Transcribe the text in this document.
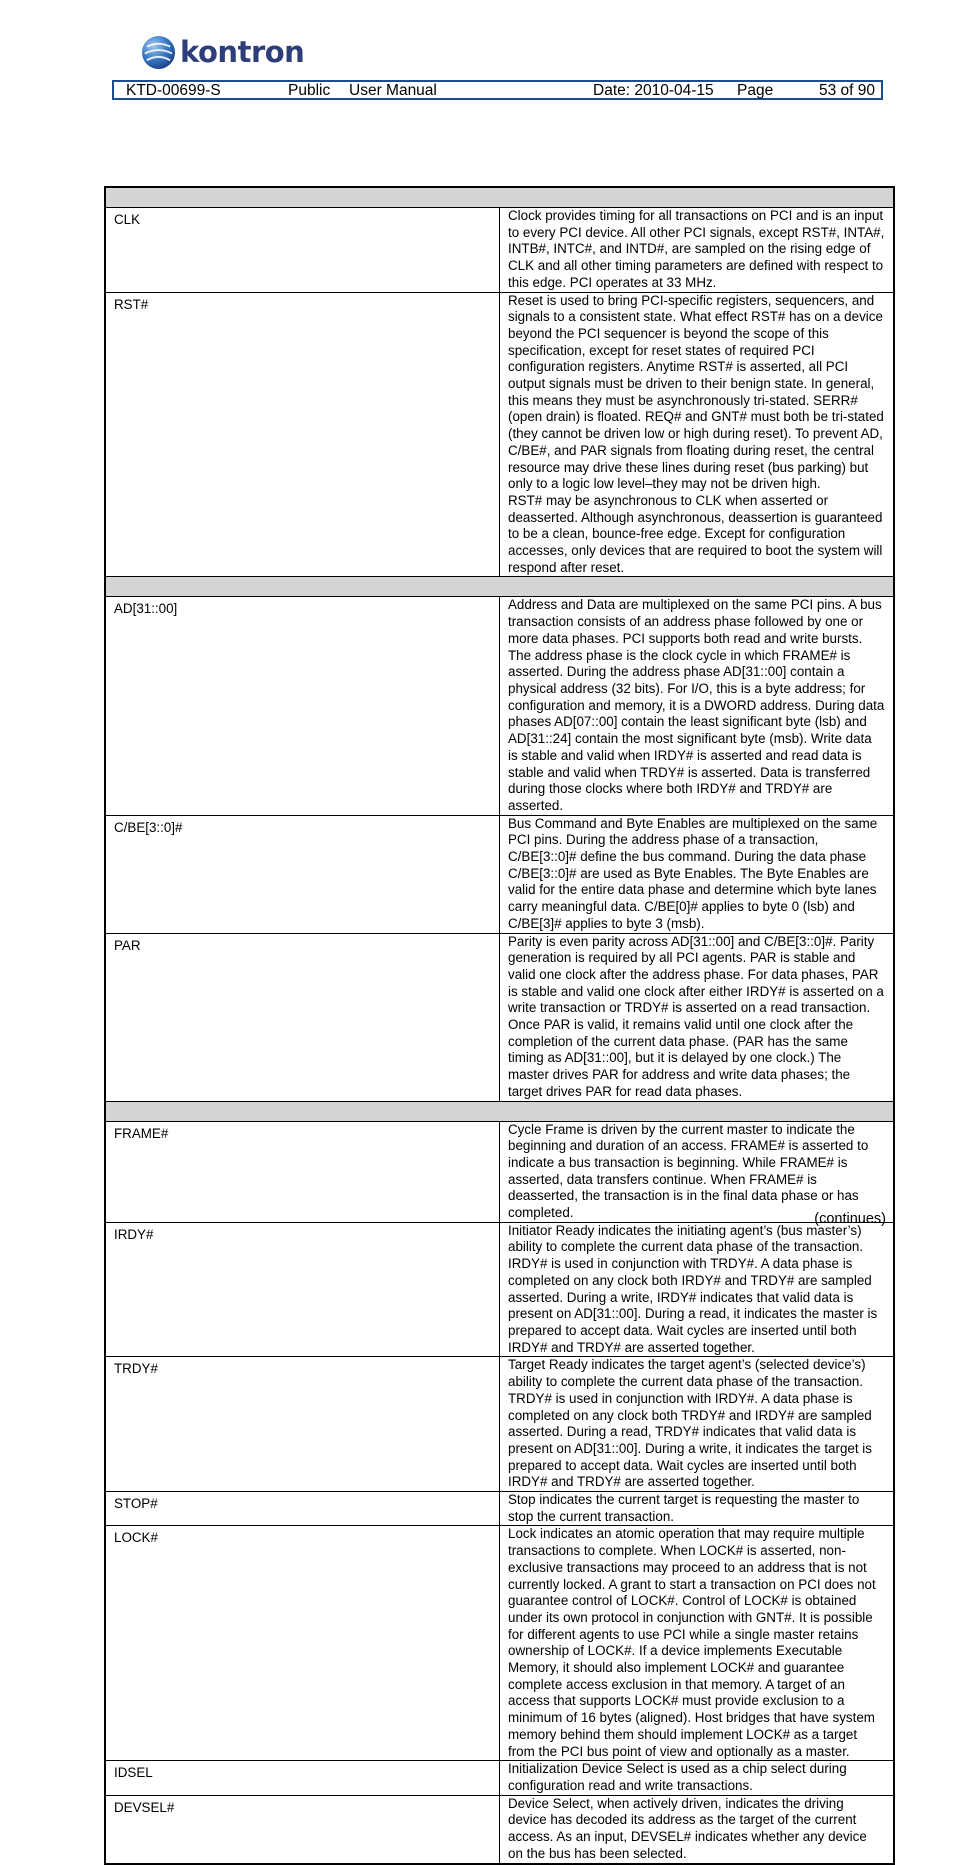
kontron
KTD-00699-S	Public User Manual	Date: 2010-04-15 Page	53 of 90

CLK	Clock provides timing for all transactions on PCI and is an input to every PCI device. All other PCI signals, except RST#, INTA#, INTB#, INTC#, and INTD#, are sampled on the rising edge of CLK and all other timing parameters are defined with respect to this edge. PCI operates at 33 MHz.
RST#	Reset is used to bring PCI-specific registers, sequencers, and signals to a consistent state. What effect RST# has on a device beyond the PCI sequencer is beyond the scope of this specification, except for reset states of required PCI configuration registers. Anytime RST# is asserted, all PCI output signals must be driven to their benign state. In general, this means they must be asynchronously tri-stated. SERR# (open drain) is floated. REQ# and GNT# must both be tri-stated (they cannot be driven low or high during reset). To prevent AD, C/BE#, and PAR signals from floating during reset, the central resource may drive these lines during reset (bus parking) but only to a logic low level–they may not be driven high.
RST# may be asynchronous to CLK when asserted or deasserted. Although asynchronous, deassertion is guaranteed to be a clean, bounce-free edge. Except for configuration accesses, only devices that are required to boot the system will respond after reset.

AD[31::00]	Address and Data are multiplexed on the same PCI pins. A bus transaction consists of an address phase followed by one or more data phases. PCI supports both read and write bursts.
The address phase is the clock cycle in which FRAME# is asserted. During the address phase AD[31::00] contain a physical address (32 bits). For I/O, this is a byte address; for configuration and memory, it is a DWORD address. During data phases AD[07::00] contain the least significant byte (lsb) and AD[31::24] contain the most significant byte (msb). Write data is stable and valid when IRDY# is asserted and read data is stable and valid when TRDY# is asserted. Data is transferred during those clocks where both IRDY# and TRDY# are asserted.
C/BE[3::0]#	Bus Command and Byte Enables are multiplexed on the same PCI pins. During the address phase of a transaction, C/BE[3::0]# define the bus command. During the data phase C/BE[3::0]# are used as Byte Enables. The Byte Enables are valid for the entire data phase and determine which byte lanes carry meaningful data. C/BE[0]# applies to byte 0 (lsb) and C/BE[3]# applies to byte 3 (msb).
PAR	Parity is even parity across AD[31::00] and C/BE[3::0]#. Parity generation is required by all PCI agents. PAR is stable and valid one clock after the address phase. For data phases, PAR is stable and valid one clock after either IRDY# is asserted on a write transaction or TRDY# is asserted on a read transaction. Once PAR is valid, it remains valid until one clock after the completion of the current data phase. (PAR has the same timing as AD[31::00], but it is delayed by one clock.) The master drives PAR for address and write data phases; the target drives PAR for read data phases.

FRAME#	Cycle Frame is driven by the current master to indicate the beginning and duration of an access. FRAME# is asserted to indicate a bus transaction is beginning. While FRAME# is asserted, data transfers continue. When FRAME# is deasserted, the transaction is in the final data phase or has completed.
IRDY#	Initiator Ready indicates the initiating agent’s (bus master’s) ability to complete the current data phase of the transaction. IRDY# is used in conjunction with TRDY#. A data phase is completed on any clock both IRDY# and TRDY# are sampled asserted. During a write, IRDY# indicates that valid data is present on AD[31::00]. During a read, it indicates the master is prepared to accept data. Wait cycles are inserted until both IRDY# and TRDY# are asserted together.
TRDY#	Target Ready indicates the target agent’s (selected device’s) ability to complete the current data phase of the transaction. TRDY# is used in conjunction with IRDY#. A data phase is completed on any clock both TRDY# and IRDY# are sampled asserted. During a read, TRDY# indicates that valid data is present on AD[31::00]. During a write, it indicates the target is prepared to accept data. Wait cycles are inserted until both IRDY# and TRDY# are asserted together.
STOP#	Stop indicates the current target is requesting the master to stop the current transaction.
LOCK#	Lock indicates an atomic operation that may require multiple transactions to complete. When LOCK# is asserted, non-exclusive transactions may proceed to an address that is not currently locked. A grant to start a transaction on PCI does not guarantee control of LOCK#. Control of LOCK# is obtained under its own protocol in conjunction with GNT#. It is possible for different agents to use PCI while a single master retains ownership of LOCK#. If a device implements Executable Memory, it should also implement LOCK# and guarantee complete access exclusion in that memory. A target of an access that supports LOCK# must provide exclusion to a minimum of 16 bytes (aligned). Host bridges that have system memory behind them should implement LOCK# as a target from the PCI bus point of view and optionally as a master.
IDSEL	Initialization Device Select is used as a chip select during configuration read and write transactions.
DEVSEL#	Device Select, when actively driven, indicates the driving device has decoded its address as the target of the current access. As an input, DEVSEL# indicates whether any device on the bus has been selected.
(continues)
